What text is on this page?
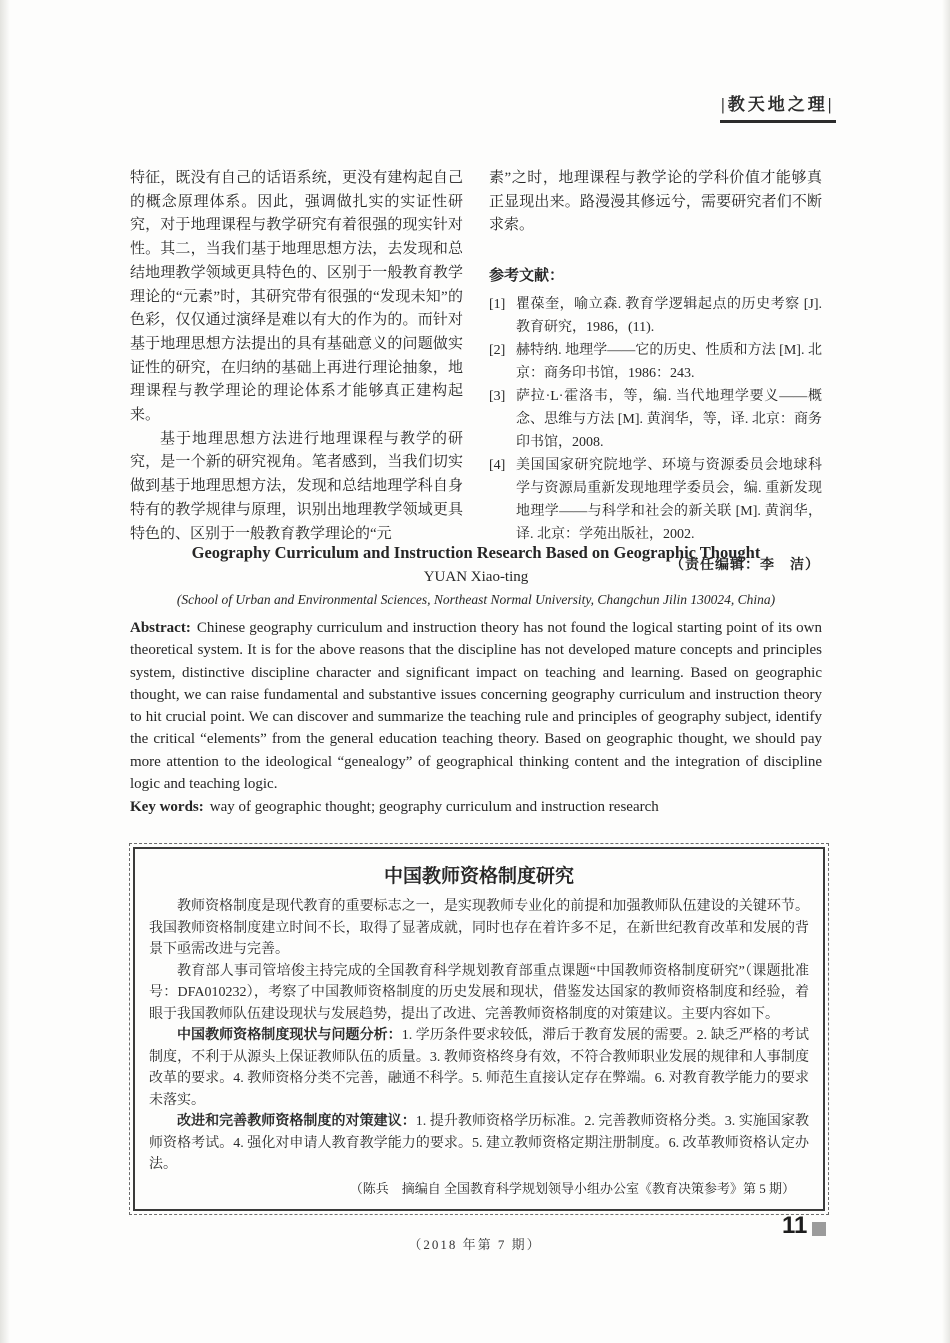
|教天地之理|

特征，既没有自己的话语系统，更没有建构起自己的概念原理体系。因此，强调做扎实的实证性研究，对于地理课程与教学研究有着很强的现实针对性。其二，当我们基于地理思想方法，去发现和总结地理教学领域更具特色的、区别于一般教育教学理论的“元素”时，其研究带有很强的“发现未知”的色彩，仅仅通过演绎是难以有大的作为的。而针对基于地理思想方法提出的具有基础意义的问题做实证性的研究，在归纳的基础上再进行理论抽象，地理课程与教学理论的理论体系才能够真正建构起来。

基于地理思想方法进行地理课程与教学的研究，是一个新的研究视角。笔者感到，当我们切实做到基于地理思想方法，发现和总结地理学科自身特有的教学规律与原理，识别出地理教学领域更具特色的、区别于一般教育教学理论的“元

素”之时，地理课程与教学论的学科价值才能够真正显现出来。路漫漫其修远兮，需要研究者们不断求索。

参考文献：
[1] 瞿葆奎，喻立森. 教育学逻辑起点的历史考察 [J]. 教育研究，1986，(11).
[2] 赫特纳. 地理学——它的历史、性质和方法 [M]. 北京：商务印书馆，1986：243.
[3] 萨拉·L·霍洛韦，等，编. 当代地理学要义——概念、思维与方法 [M]. 黄润华，等，译. 北京：商务印书馆，2008.
[4] 美国国家研究院地学、环境与资源委员会地球科学与资源局重新发现地理学委员会，编. 重新发现地理学——与科学和社会的新关联 [M]. 黄润华，译. 北京：学苑出版社，2002.
（责任编辑：李　洁）

Geography Curriculum and Instruction Research Based on Geographic Thought

YUAN Xiao-ting
(School of Urban and Environmental Sciences, Northeast Normal University, Changchun Jilin 130024, China)
Abstract: Chinese geography curriculum and instruction theory has not found the logical starting point of its own theoretical system. It is for the above reasons that the discipline has not developed mature concepts and principles system, distinctive discipline character and significant impact on teaching and learning. Based on geographic thought, we can raise fundamental and substantive issues concerning geography curriculum and instruction theory to hit crucial point. We can discover and summarize the teaching rule and principles of geography subject, identify the critical “elements” from the general education teaching theory. Based on geographic thought, we should pay more attention to the ideological “genealogy” of geographical thinking content and the integration of discipline logic and teaching logic.
Key words: way of geographic thought; geography curriculum and instruction research
中国教师资格制度研究

教师资格制度是现代教育的重要标志之一，是实现教师专业化的前提和加强教师队伍建设的关键环节。我国教师资格制度建立时间不长，取得了显著成就，同时也存在着许多不足，在新世纪教育改革和发展的背景下亟需改进与完善。

教育部人事司管培俊主持完成的全国教育科学规划教育部重点课题“中国教师资格制度研究”（课题批准号：DFA010232），考察了中国教师资格制度的历史发展和现状，借鉴发达国家的教师资格制度和经验，着眼于我国教师队伍建设现状与发展趋势，提出了改进、完善教师资格制度的对策建议。主要内容如下。

中国教师资格制度现状与问题分析：1. 学历条件要求较低，滞后于教育发展的需要。2. 缺乏严格的考试制度，不利于从源头上保证教师队伍的质量。3. 教师资格终身有效，不符合教师职业发展的规律和人事制度改革的要求。4. 教师资格分类不完善，融通不科学。5. 师范生直接认定存在弊端。6. 对教育教学能力的要求未落实。

改进和完善教师资格制度的对策建议：1. 提升教师资格学历标准。2. 完善教师资格分类。3. 实施国家教师资格考试。4. 强化对申请人教育教学能力的要求。5. 建立教师资格定期注册制度。6. 改革教师资格认定办法。

（陈兵　摘编自 全国教育科学规划领导小组办公室《教育决策参考》第 5 期）
（2018 年第 7 期）
11
